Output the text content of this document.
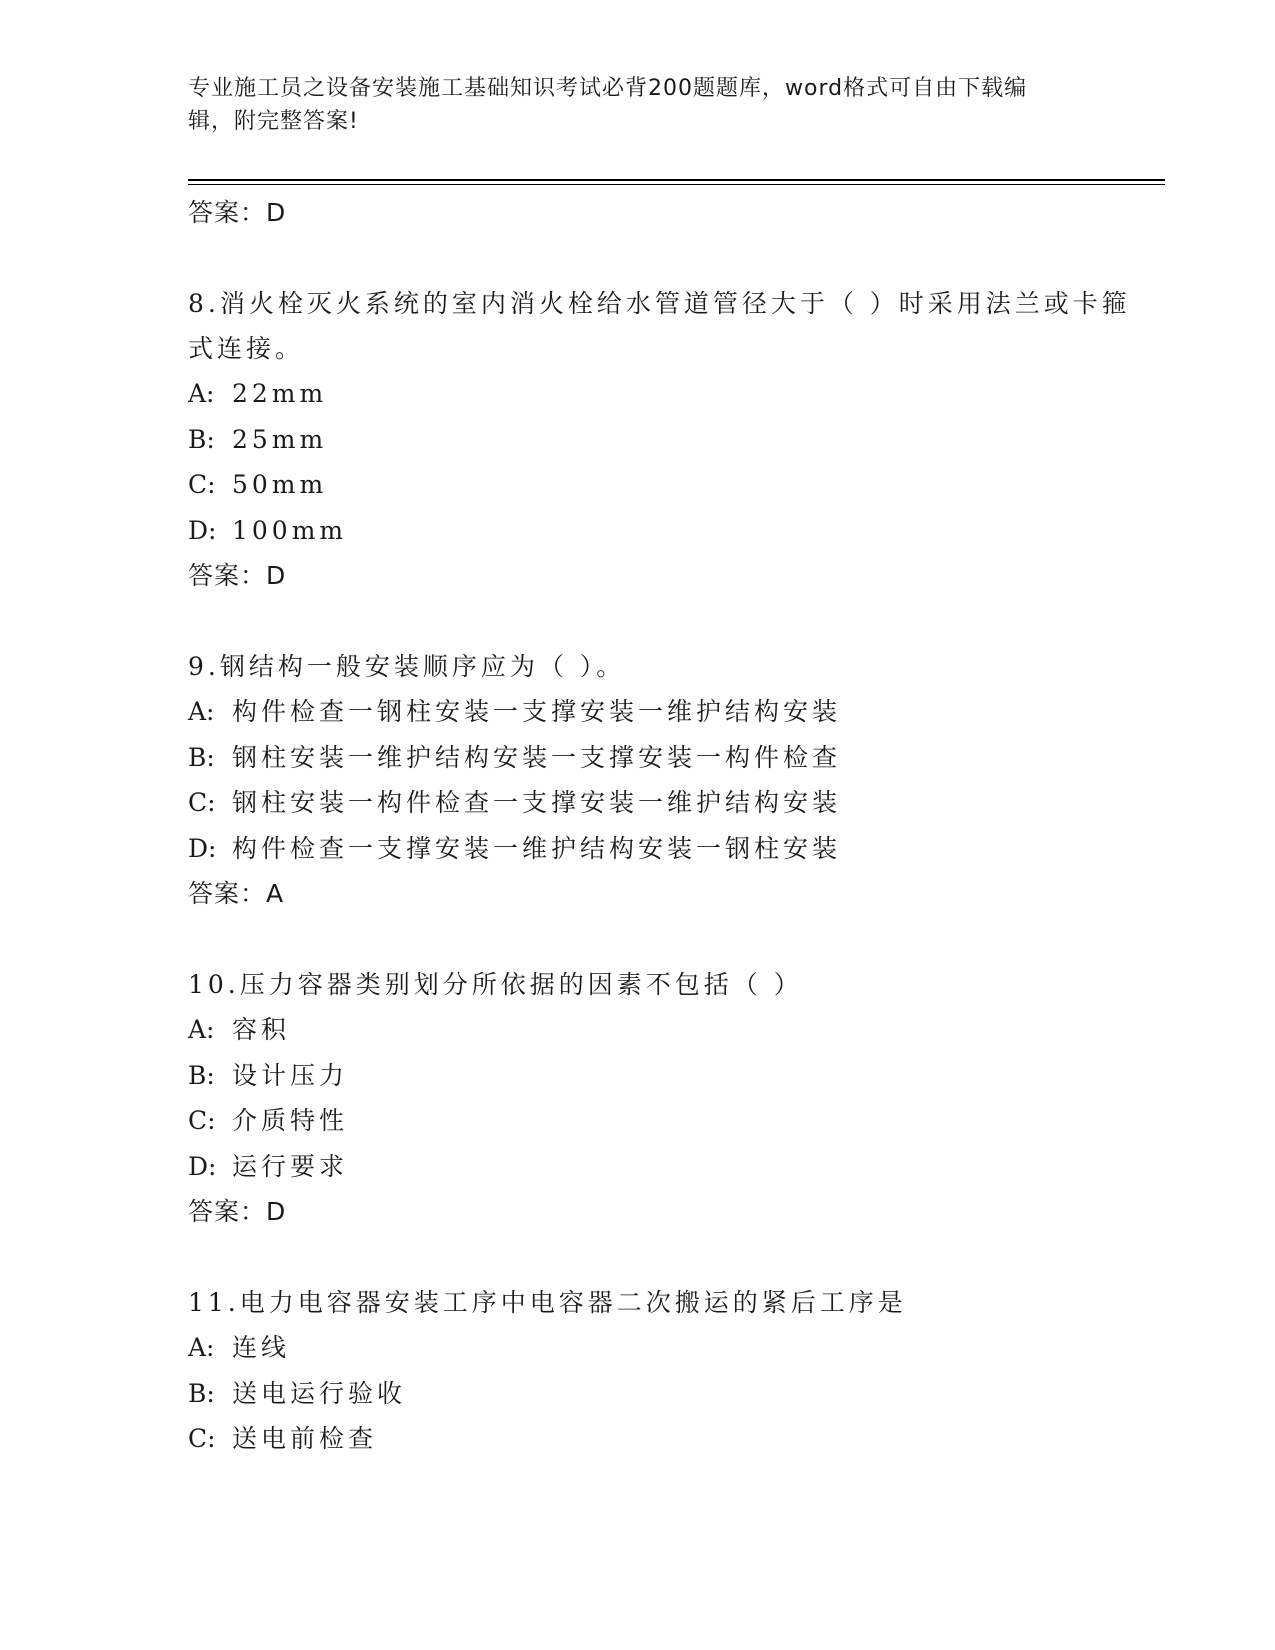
专业施工员之设备安装施工基础知识考试必背200题题库，word格式可自由下载编辑，附完整答案!
答案：D
8.消火栓灭火系统的室内消火栓给水管道管径大于（ ）时采用法兰或卡箍式连接。
A: 22mm
B: 25mm
C: 50mm
D: 100mm
答案：D
9.钢结构一般安装顺序应为（ ）。
A: 构件检查一钢柱安装一支撑安装一维护结构安装
B: 钢柱安装一维护结构安装一支撑安装一构件检查
C: 钢柱安装一构件检查一支撑安装一维护结构安装
D: 构件检查一支撑安装一维护结构安装一钢柱安装
答案：A
10.压力容器类别划分所依据的因素不包括（ ）
A: 容积
B: 设计压力
C: 介质特性
D: 运行要求
答案：D
11.电力电容器安装工序中电容器二次搬运的紧后工序是
A: 连线
B: 送电运行验收
C: 送电前检查
